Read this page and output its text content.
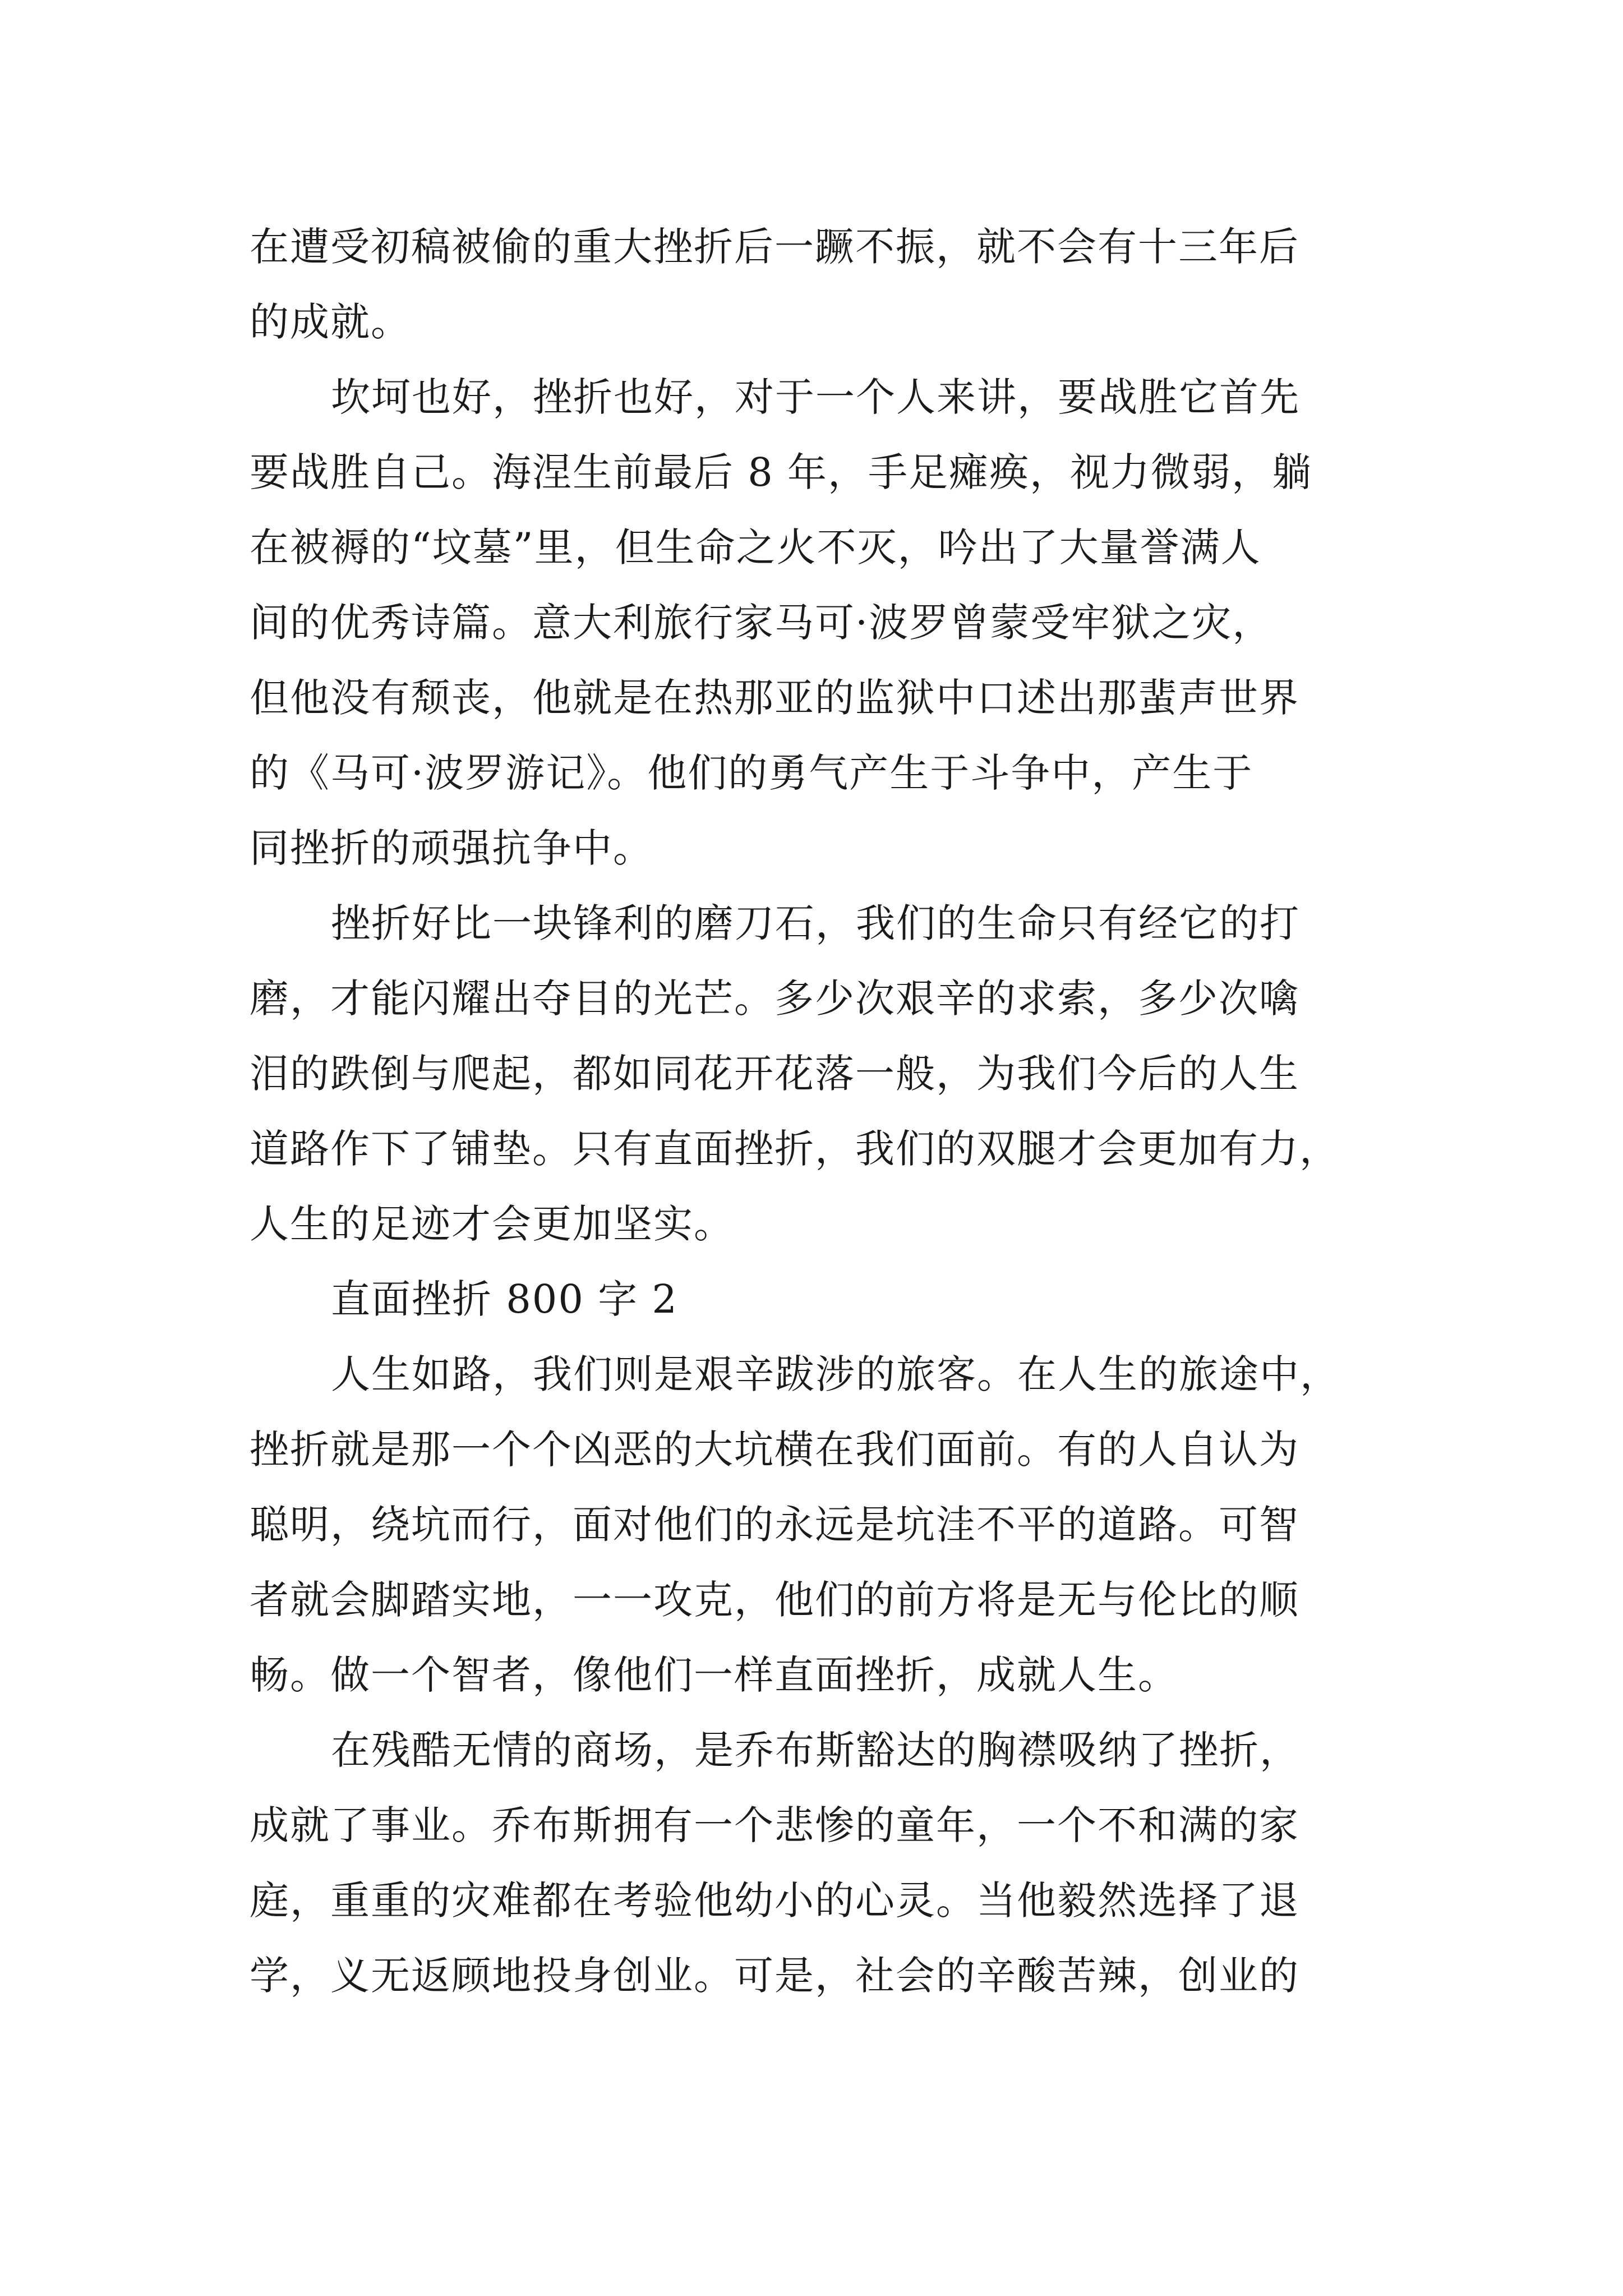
在遭受初稿被偷的重大挫折后一蹶不振，就不会有十三年后
的成就。
坎坷也好，挫折也好，对于一个人来讲，要战胜它首先
要战胜自己。海涅生前最后 8 年，手足瘫痪，视力微弱，躺
在被褥的“坟墓”里，但生命之火不灭，吟出了大量誉满人
间的优秀诗篇。意大利旅行家马可·波罗曾蒙受牢狱之灾，
但他没有颓丧，他就是在热那亚的监狱中口述出那蜚声世界
的《马可·波罗游记》。他们的勇气产生于斗争中，产生于
同挫折的顽强抗争中。
挫折好比一块锋利的磨刀石，我们的生命只有经它的打
磨，才能闪耀出夺目的光芒。多少次艰辛的求索，多少次噙
泪的跌倒与爬起，都如同花开花落一般，为我们今后的人生
道路作下了铺垫。只有直面挫折，我们的双腿才会更加有力，
人生的足迹才会更加坚实。
直面挫折 800 字 2
人生如路，我们则是艰辛跋涉的旅客。在人生的旅途中，
挫折就是那一个个凶恶的大坑横在我们面前。有的人自认为
聪明，绕坑而行，面对他们的永远是坑洼不平的道路。可智
者就会脚踏实地，一一攻克，他们的前方将是无与伦比的顺
畅。做一个智者，像他们一样直面挫折，成就人生。
在残酷无情的商场，是乔布斯豁达的胸襟吸纳了挫折，
成就了事业。乔布斯拥有一个悲惨的童年，一个不和满的家
庭，重重的灾难都在考验他幼小的心灵。当他毅然选择了退
学，义无返顾地投身创业。可是，社会的辛酸苦辣，创业的
